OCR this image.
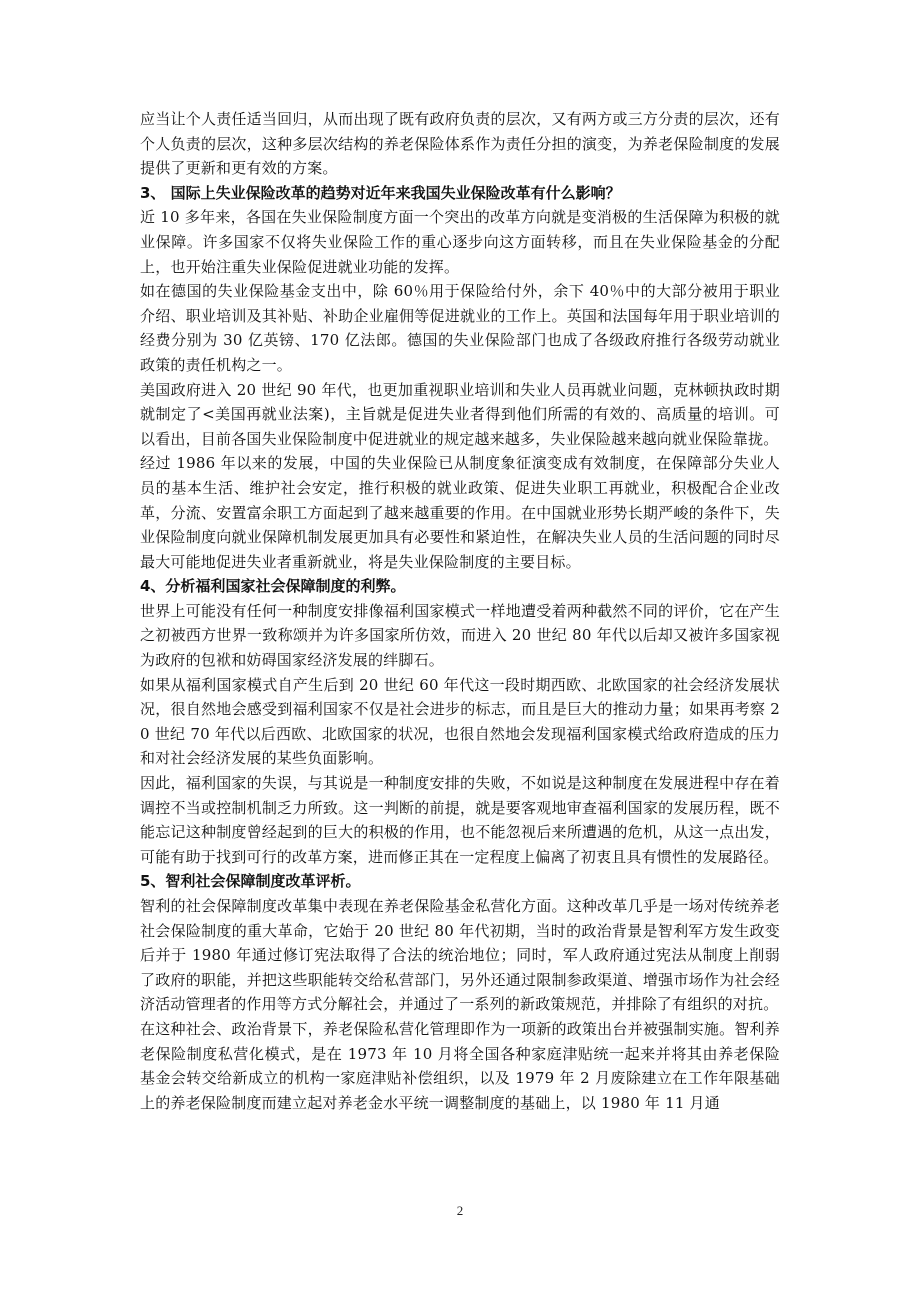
应当让个人责任适当回归，从而出现了既有政府负责的层次，又有两方或三方分责的层次，还有个人负责的层次，这种多层次结构的养老保险体系作为责任分担的演变，为养老保险制度的发展提供了更新和更有效的方案。

3、 国际上失业保险改革的趋势对近年来我国失业保险改革有什么影响？

近 10 多年来，各国在失业保险制度方面一个突出的改革方向就是变消极的生活保障为积极的就业保障。许多国家不仅将失业保险工作的重心逐步向这方面转移，而且在失业保险基金的分配上，也开始注重失业保险促进就业功能的发挥。

如在德国的失业保险基金支出中，除 60％用于保险给付外，余下 40％中的大部分被用于职业介绍、职业培训及其补贴、补助企业雇佣等促进就业的工作上。英国和法国每年用于职业培训的经费分别为 30 亿英镑、170 亿法郎。德国的失业保险部门也成了各级政府推行各级劳动就业政策的责任机构之一。

美国政府进入 20 世纪 90 年代，也更加重视职业培训和失业人员再就业问题，克林顿执政时期就制定了<美国再就业法案)，主旨就是促进失业者得到他们所需的有效的、高质量的培训。可以看出，目前各国失业保险制度中促进就业的规定越来越多，失业保险越来越向就业保险靠拢。

经过 1986 年以来的发展，中国的失业保险已从制度象征演变成有效制度，在保障部分失业人员的基本生活、维护社会安定，推行积极的就业政策、促进失业职工再就业，积极配合企业改革，分流、安置富余职工方面起到了越来越重要的作用。在中国就业形势长期严峻的条件下，失业保险制度向就业保障机制发展更加具有必要性和紧迫性，在解决失业人员的生活问题的同时尽最大可能地促进失业者重新就业，将是失业保险制度的主要目标。

4、分析福利国家社会保障制度的利弊。

世界上可能没有任何一种制度安排像福利国家模式一样地遭受着两种截然不同的评价，它在产生之初被西方世界一致称颂并为许多国家所仿效，而进入 20 世纪 80 年代以后却又被许多国家视为政府的包袱和妨碍国家经济发展的绊脚石。

如果从福利国家模式自产生后到 20 世纪 60 年代这一段时期西欧、北欧国家的社会经济发展状况，很自然地会感受到福利国家不仅是社会进步的标志，而且是巨大的推动力量；如果再考察 20 世纪 70 年代以后西欧、北欧国家的状况，也很自然地会发现福利国家模式给政府造成的压力和对社会经济发展的某些负面影响。

因此，福利国家的失误，与其说是一种制度安排的失败，不如说是这种制度在发展进程中存在着调控不当或控制机制乏力所致。这一判断的前提，就是要客观地审查福利国家的发展历程，既不能忘记这种制度曾经起到的巨大的积极的作用，也不能忽视后来所遭遇的危机，从这一点出发，可能有助于找到可行的改革方案，进而修正其在一定程度上偏离了初衷且具有惯性的发展路径。

5、智利社会保障制度改革评析。

智利的社会保障制度改革集中表现在养老保险基金私营化方面。这种改革几乎是一场对传统养老社会保险制度的重大革命，它始于 20 世纪 80 年代初期，当时的政治背景是智利军方发生政变后并于 1980 年通过修订宪法取得了合法的统治地位；同时，军人政府通过宪法从制度上削弱了政府的职能，并把这些职能转交给私营部门，另外还通过限制参政渠道、增强市场作为社会经济活动管理者的作用等方式分解社会，并通过了一系列的新政策规范，并排除了有组织的对抗。

在这种社会、政治背景下，养老保险私营化管理即作为一项新的政策出台并被强制实施。智利养老保险制度私营化模式，是在 1973 年 10 月将全国各种家庭津贴统一起来并将其由养老保险基金会转交给新成立的机构一家庭津贴补偿组织，以及 1979 年 2 月废除建立在工作年限基础上的养老保险制度而建立起对养老金水平统一调整制度的基础上，以 1980 年 11 月通

2
